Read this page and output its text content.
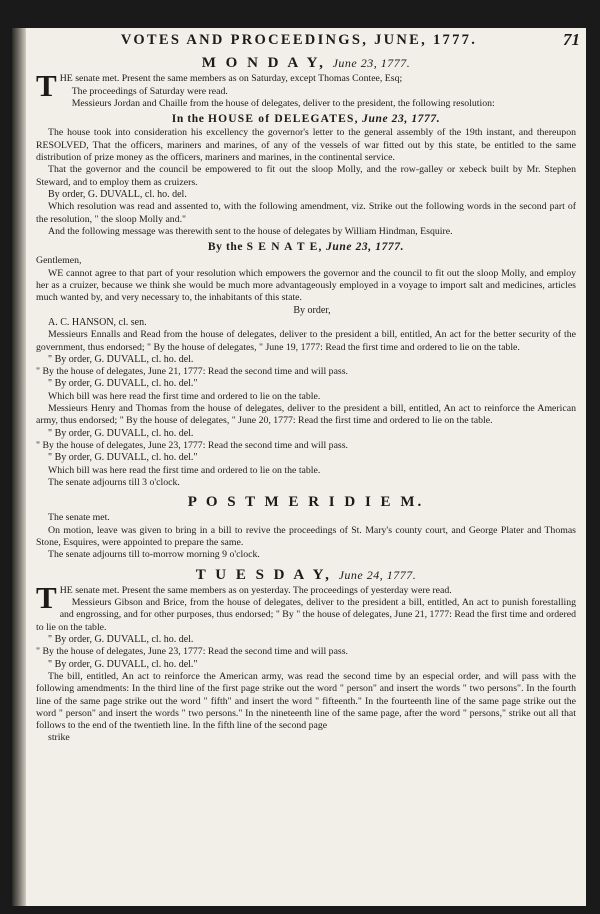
71

VOTES AND PROCEEDINGS, JUNE, 1777.
M O N D A Y, June 23, 1777.

THE senate met. Present the same members as on Saturday, except Thomas Contee, Esq;

The proceedings of Saturday were read.

Messieurs Jordan and Chaille from the house of delegates, deliver to the president, the following resolution:

In the HOUSE of DELEGATES, June 23, 1777.

The house took into consideration his excellency the governor's letter to the general assembly of the 19th instant, and thereupon RESOLVED, That the officers, mariners and marines, of any of the vessels of war fitted out by this state, be entitled to the same distribution of prize money as the officers, mariners and marines, in the continental service.

That the governor and the council be empowered to fit out the sloop Molly, and the row-galley or xebeck built by Mr. Stephen Steward, and to employ them as cruizers.

By order, G. DUVALL, cl. ho. del.

Which resolution was read and assented to, with the following amendment, viz. Strike out the following words in the second part of the resolution, " the sloop Molly and."

And the following message was therewith sent to the house of delegates by William Hindman, Esquire.

By the S E N A T E, June 23, 1777.

Gentlemen,

WE cannot agree to that part of your resolution which empowers the governor and the council to fit out the sloop Molly, and employ her as a cruizer, because we think she would be much more advantageously employed in a voyage to import salt and medicines, articles much wanted by, and very necessary to, the inhabitants of this state.

By order,

A. C. HANSON, cl. sen.

Messieurs Ennalls and Read from the house of delegates, deliver to the president a bill, entitled, An act for the better security of the government, thus endorsed; " By the house of delegates, " June 19, 1777: Read the first time and ordered to lie on the table.

" By order, G. DUVALL, cl. ho. del.

" By the house of delegates, June 21, 1777: Read the second time and will pass.

" By order, G. DUVALL, cl. ho. del."

Which bill was here read the first time and ordered to lie on the table.

Messieurs Henry and Thomas from the house of delegates, deliver to the president a bill, entitled, An act to reinforce the American army, thus endorsed; " By the house of delegates, " June 20, 1777: Read the first time and ordered to lie on the table.

" By order, G. DUVALL, cl. ho. del.

" By the house of delegates, June 23, 1777: Read the second time and will pass.

" By order, G. DUVALL, cl. ho. del."

Which bill was here read the first time and ordered to lie on the table.

The senate adjourns till 3 o'clock.

P O S T M E R I D I E M.

The senate met.

On motion, leave was given to bring in a bill to revive the proceedings of St. Mary's county court, and George Plater and Thomas Stone, Esquires, were appointed to prepare the same.

The senate adjourns till to-morrow morning 9 o'clock.

T U E S D A Y, June 24, 1777.

THE senate met. Present the same members as on yesterday. The proceedings of yesterday were read.

Messieurs Gibson and Brice, from the house of delegates, deliver to the president a bill, entitled, An act to punish forestalling and engrossing, and for other purposes, thus endorsed; " By " the house of delegates, June 21, 1777: Read the first time and ordered to lie on the table.

" By order, G. DUVALL, cl. ho. del.

" By the house of delegates, June 23, 1777: Read the second time and will pass.

" By order, G. DUVALL, cl. ho. del."

The bill, entitled, An act to reinforce the American army, was read the second time by an especial order, and will pass with the following amendments: In the third line of the first page strike out the word " person" and insert the words " two persons". In the fourth line of the same page strike out the word " fifth" and insert the word " fifteenth." In the fourteenth line of the same page strike out the word " person" and insert the words " two persons." In the nineteenth line of the same page, after the word " persons," strike out all that follows to the end of the twentieth line. In the fifth line of the second page

strike
